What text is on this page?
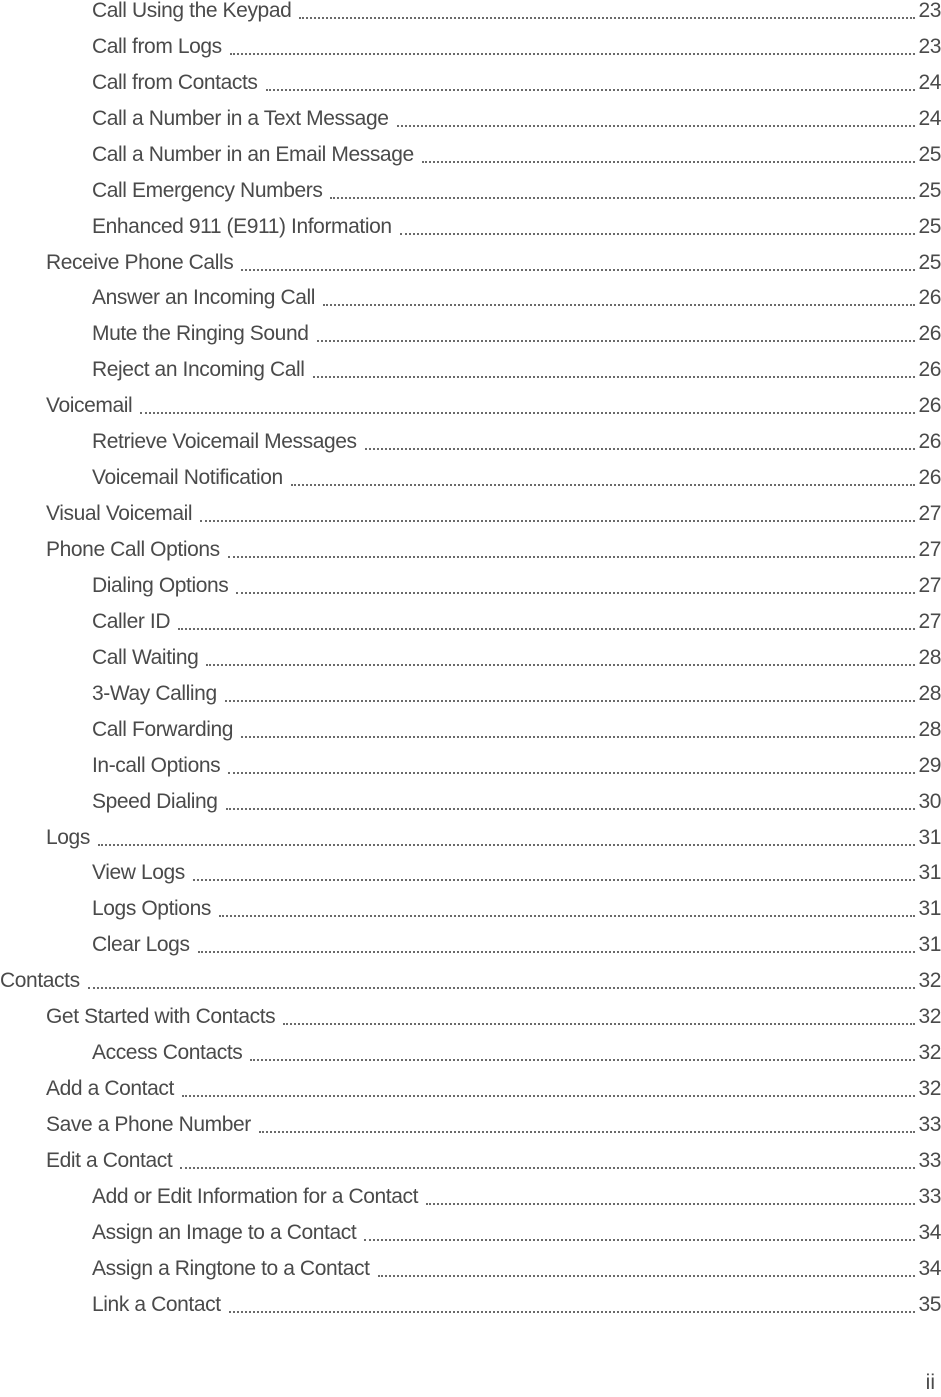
Call Using the Keypad	23
Call from Logs	23
Call from Contacts	24
Call a Number in a Text Message	24
Call a Number in an Email Message	25
Call Emergency Numbers	25
Enhanced 911 (E911) Information	25
Receive Phone Calls	25
Answer an Incoming Call	26
Mute the Ringing Sound	26
Reject an Incoming Call	26
Voicemail	26
Retrieve Voicemail Messages	26
Voicemail Notification	26
Visual Voicemail	27
Phone Call Options	27
Dialing Options	27
Caller ID	27
Call Waiting	28
3-Way Calling	28
Call Forwarding	28
In-call Options	29
Speed Dialing	30
Logs	31
View Logs	31
Logs Options	31
Clear Logs	31
Contacts	32
Get Started with Contacts	32
Access Contacts	32
Add a Contact	32
Save a Phone Number	33
Edit a Contact	33
Add or Edit Information for a Contact	33
Assign an Image to a Contact	34
Assign a Ringtone to a Contact	34
Link a Contact	35
ii
